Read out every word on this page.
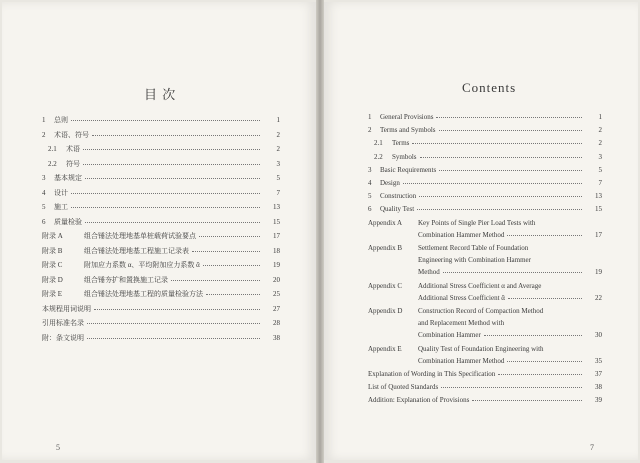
目 次
1 总则	1
2 术语、符号	2
2.1 术语	2
2.2 符号	3
3 基本规定	5
4 设计	7
5 施工	13
6 质量检验	15
附录 A	组合锤法处理地基单桩载荷试验要点	17
附录 B	组合锤法处理地基工程施工记录表	18
附录 C	附加应力系数 α、平均附加应力系数 ᾱ	19
附录 D	组合锤夯扩和置换施工记录	20
附录 E	组合锤法处理地基工程的质量检验方法	25
本规程用词说明	27
引用标准名录	28
附：条文说明	38
5
Contents
1 General Provisions	1
2 Terms and Symbols	2
2.1 Terms	2
2.2 Symbols	3
3 Basic Requirements	5
4 Design	7
5 Construction	13
6 Quality Test	15
Appendix A Key Points of Single Pier Load Tests with
Combination Hammer Method	17
Appendix B Settlement Record Table of Foundation
Engineering with Combination Hammer
Method	19
Appendix C Additional Stress Coefficient α and Average
Additional Stress Coefficient ᾱ	22
Appendix D Construction Record of Compaction Method
and Replacement Method with
Combination Hammer	30
Appendix E Quality Test of Foundation Engineering with
Combination Hammer Method	35
Explanation of Wording in This Specification	37
List of Quoted Standards	38
Addition: Explanation of Provisions	39
7
